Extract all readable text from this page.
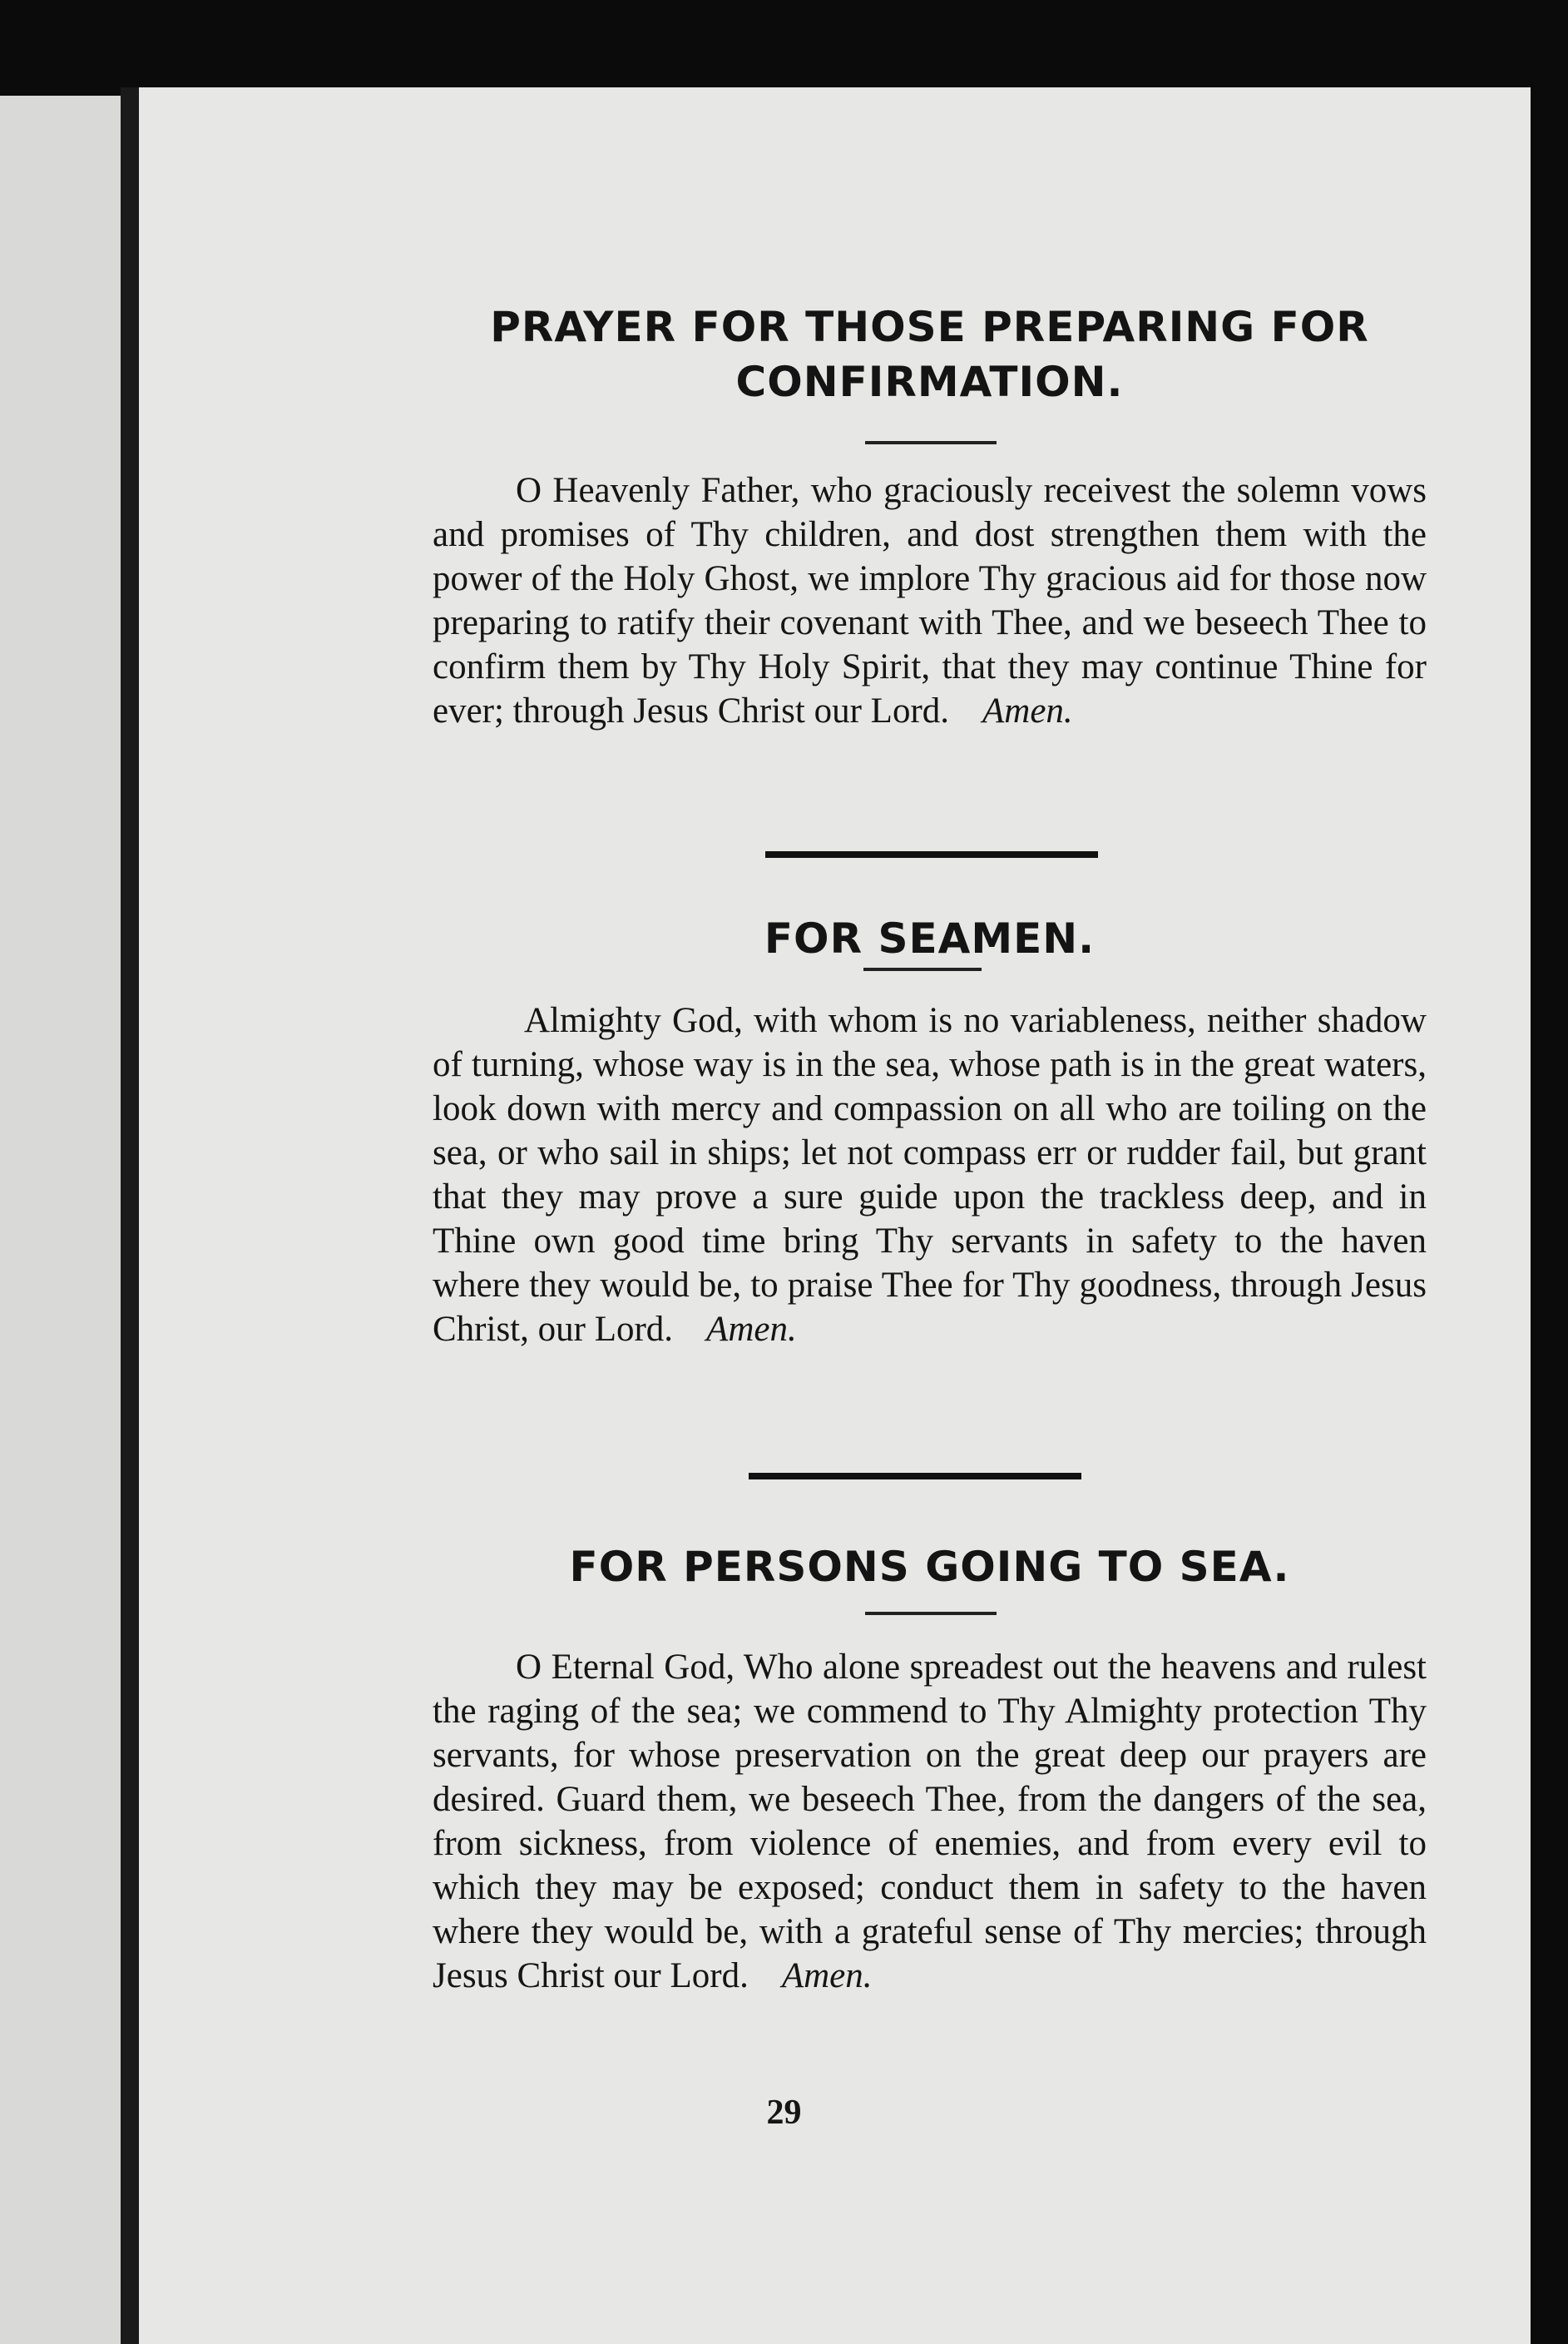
PRAYER FOR THOSE PREPARING FOR

CONFIRMATION.

O Heavenly Father, who graciously receivest the solemn vows and promises of Thy children, and dost strengthen them with the power of the Holy Ghost, we implore Thy gracious aid for those now preparing to ratify their covenant with Thee, and we beseech Thee to confirm them by Thy Holy Spirit, that they may continue Thine for ever; through Jesus Christ our Lord. Amen.

FOR SEAMEN.

Almighty God, with whom is no variableness, neither shadow of turning, whose way is in the sea, whose path is in the great waters, look down with mercy and compassion on all who are toiling on the sea, or who sail in ships; let not compass err or rudder fail, but grant that they may prove a sure guide upon the trackless deep, and in Thine own good time bring Thy servants in safety to the haven where they would be, to praise Thee for Thy goodness, through Jesus Christ, our Lord. Amen.

FOR PERSONS GOING TO SEA.

O Eternal God, Who alone spreadest out the heavens and rulest the raging of the sea; we commend to Thy Almighty protection Thy servants, for whose preservation on the great deep our prayers are desired. Guard them, we beseech Thee, from the dangers of the sea, from sickness, from violence of enemies, and from every evil to which they may be exposed; conduct them in safety to the haven where they would be, with a grateful sense of Thy mercies; through Jesus Christ our Lord. Amen.

29
